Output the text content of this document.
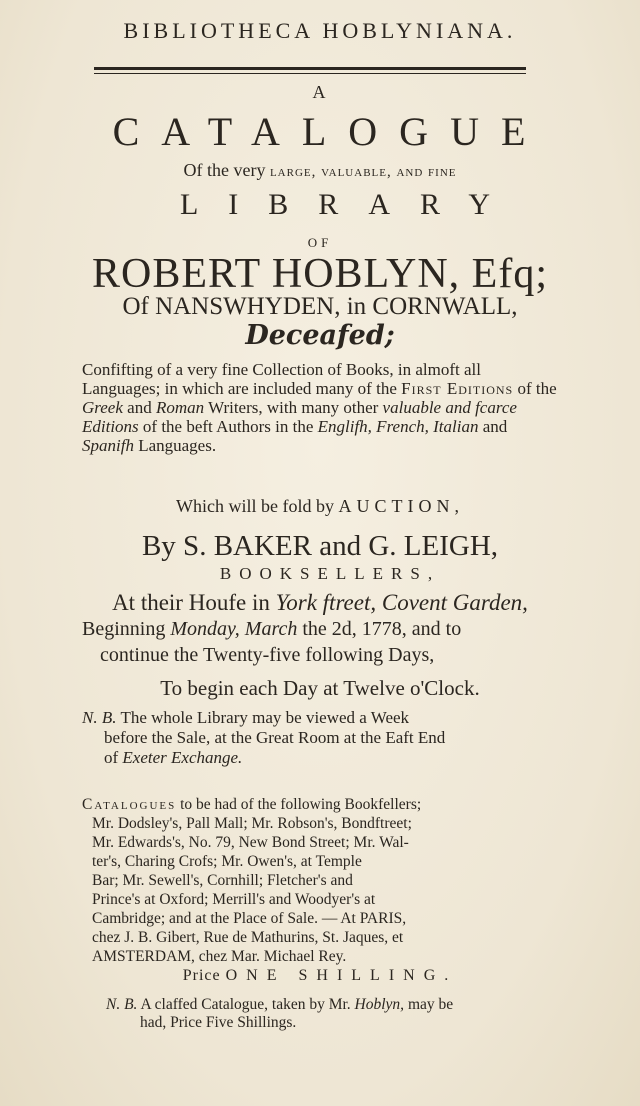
BIBLIOTHECA HOBLYNIANA.
A
CATALOGUE
Of the very large, valuable, and fine
LIBRARY
OF
ROBERT HOBLYN, Efq;
Of NANSWHYDEN, in CORNWALL,
Deceafed;
Confifting of a very fine Collection of Books, in almoft all Languages; in which are included many of the First Editions of the Greek and Roman Writers, with many other valuable and fcarce Editions of the beft Authors in the Englifh, French, Italian and Spanifh Languages.
Which will be fold by AUCTION,
By S. BAKER and G. LEIGH,
BOOKSELLERS,
At their Houfe in York ftreet, Covent Garden,
Beginning Monday, March the 2d, 1778, and to
continue the Twenty-five following Days,
To begin each Day at Twelve o'Clock.
N. B. The whole Library may be viewed a Week
before the Sale, at the Great Room at the Eaft End
of Exeter Exchange.
Catalogues to be had of the following Bookfellers;
Mr. Dodsley's, Pall Mall; Mr. Robson's, Bondftreet;
Mr. Edwards's, No. 79, New Bond Street; Mr. Wal-
ter's, Charing Crofs; Mr. Owen's, at Temple
Bar; Mr. Sewell's, Cornhill; Fletcher's and
Prince's at Oxford; Merrill's and Woodyer's at
Cambridge; and at the Place of Sale. — At PARIS,
chez J. B. Gibert, Rue de Mathurins, St. Jaques, et
AMSTERDAM, chez Mar. Michael Rey.
Price ONE SHILLING.
N. B. A claffed Catalogue, taken by Mr. Hoblyn, may be
had, Price Five Shillings.
